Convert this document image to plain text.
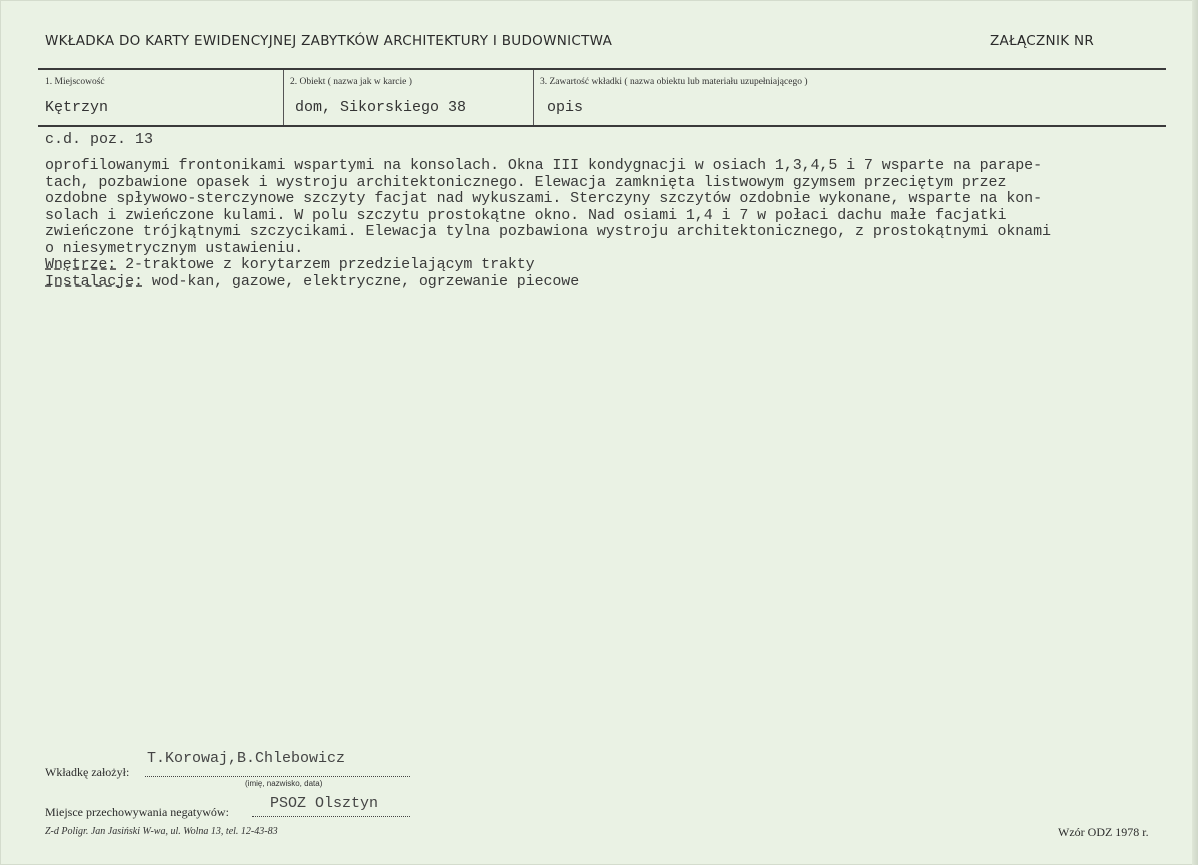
WKŁADKA DO KARTY EWIDENCYJNEJ ZABYTKÓW ARCHITEKTURY I BUDOWNICTWA	ZAŁĄCZNIK NR
1. Miejscowość	2. Obiekt ( nazwa jak w karcie )	3. Zawartość wkładki ( nazwa obiektu lub materiału uzupełniającego )
Kętrzyn	dom, Sikorskiego 38	opis
c.d. poz. 13
oprofilowanymi frontonikami wspartymi na konsolach. Okna III kondygnacji w osiach 1,3,4,5 i 7 wsparte na parape-
tach, pozbawione opasek i wystroju architektonicznego. Elewacja zamknięta listwowym gzymsem przeciętym przez
ozdobne spływowo-sterczynowe szczyty facjat nad wykuszami. Sterczyny szczytów ozdobnie wykonane, wsparte na kon-
solach i zwieńczone kulami. W polu szczytu prostokątne okno. Nad osiami 1,4 i 7 w połaci dachu małe facjatki
zwieńczone trójkątnymi szczycikami. Elewacja tylna pozbawiona wystroju architektonicznego, z prostokątnymi oknami
o niesymetrycznym ustawieniu.
Wnętrze: 2-traktowe z korytarzem przedzielającym trakty
Instalacje: wod-kan, gazowe, elektryczne, ogrzewanie piecowe
T.Korowaj,B.Chlebowicz
Wkładkę założył:
(imię, nazwisko, data)
PSOZ Olsztyn
Miejsce przechowywania negatywów:
Z-d Poligr. Jan Jasiński W-wa, ul. Wolna 13, tel. 12-43-83	Wzór ODZ 1978 r.
